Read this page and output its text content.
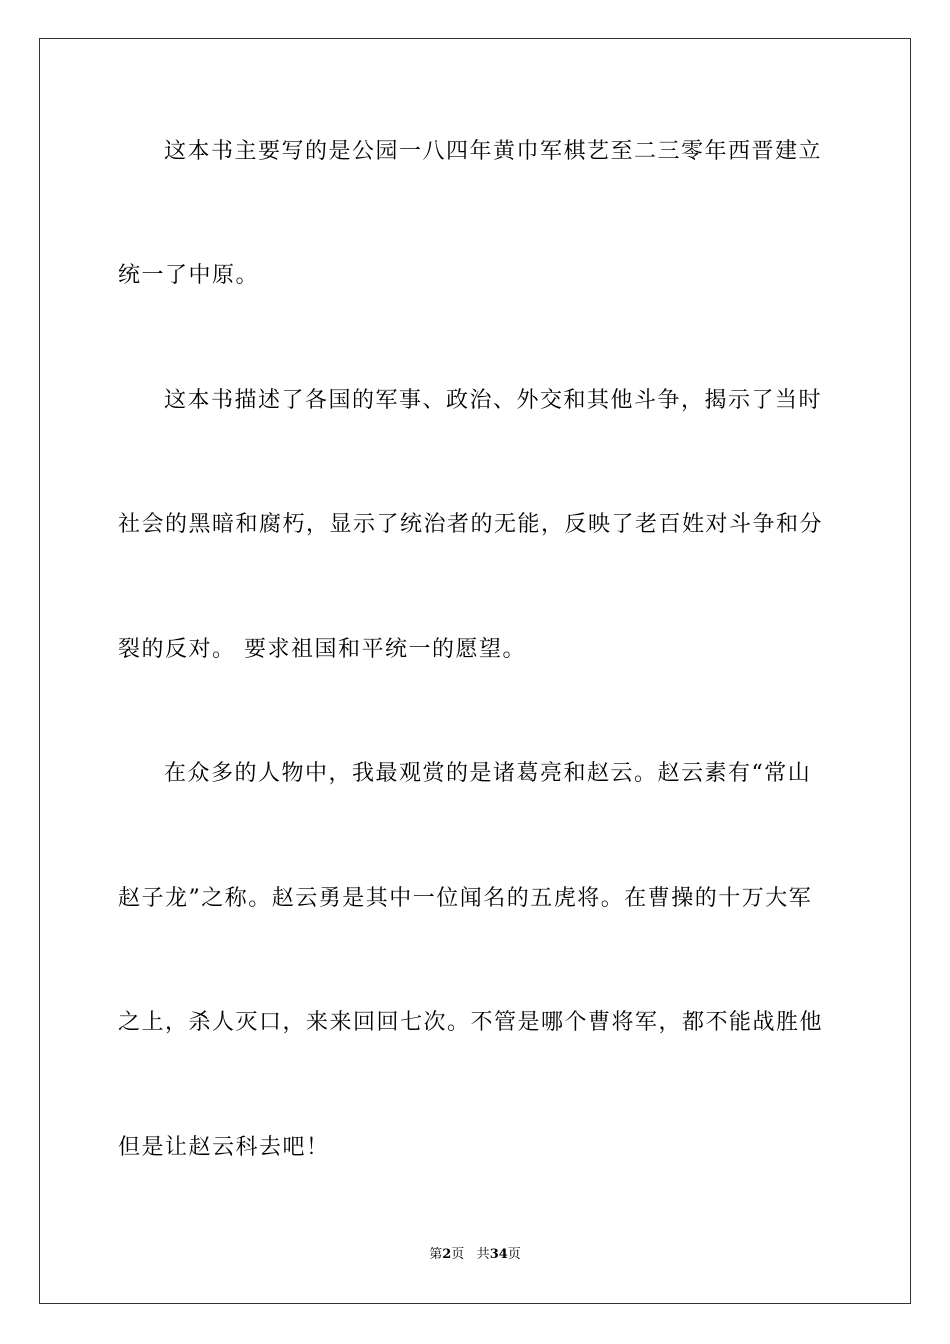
这本书主要写的是公园一八四年黄巾军棋艺至二三零年西晋建立
统一了中原。
这本书描述了各国的军事、政治、外交和其他斗争，揭示了当时
社会的黑暗和腐朽，显示了统治者的无能，反映了老百姓对斗争和分
裂的反对。 要求祖国和平统一的愿望。
在众多的人物中，我最观赏的是诸葛亮和赵云。赵云素有“常山
赵子龙”之称。赵云勇是其中一位闻名的五虎将。在曹操的十万大军
之上，杀人灭口，来来回回七次。不管是哪个曹将军，都不能战胜他
但是让赵云科去吧！
第2页 共34页
